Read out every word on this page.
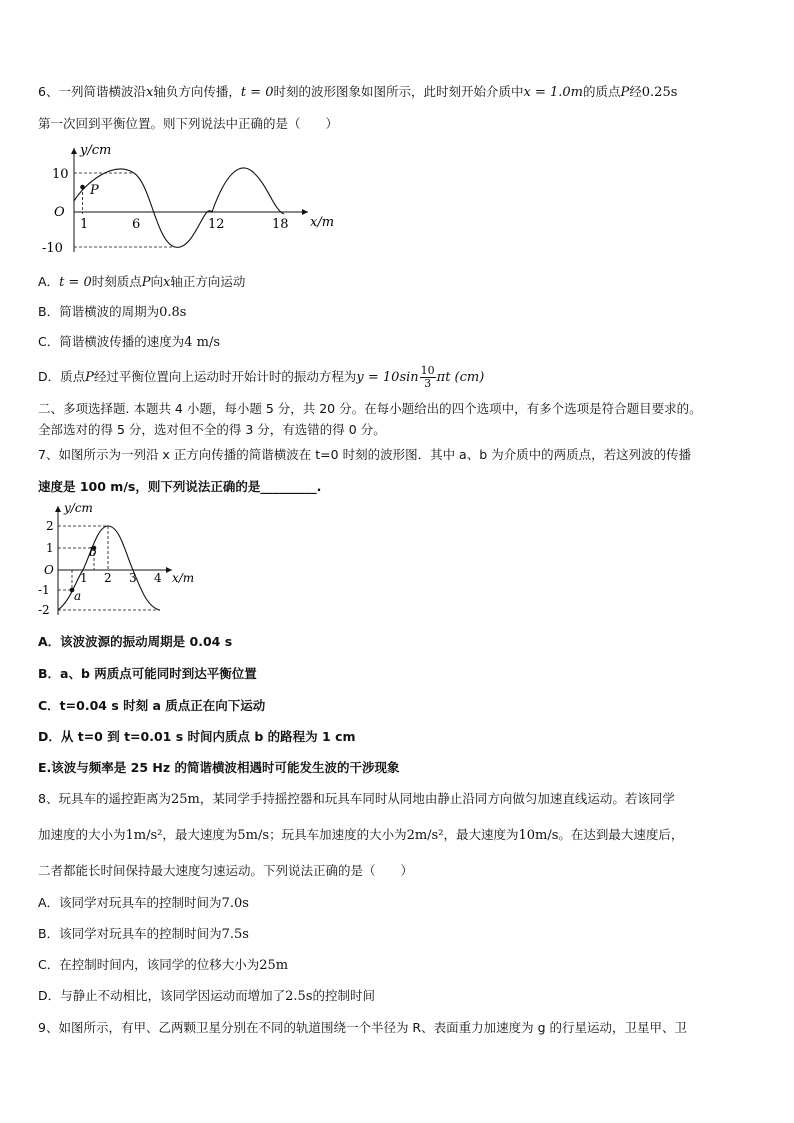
6、一列简谐横波沿x轴负方向传播，t = 0时刻的波形图象如图所示，此时刻开始介质中x = 1.0m的质点P经0.25s
第一次回到平衡位置。则下列说法中正确的是（　　）
y/cm
x/m
O
P
10
-10
1	6	12	18
A．t = 0时刻质点P向x轴正方向运动
B．简谐横波的周期为0.8s
C．简谐横波传播的速度为4 m/s
D．质点P经过平衡位置向上运动时开始计时的振动方程为$y = 10\sin \frac{10}{3}$ πt (cm)
二、多项选择题. 本题共 4 小题，每小题 5 分，共 20 分。在每小题给出的四个选项中，有多个选项是符合题目要求的。
全部选对的得 5 分，选对但不全的得 3 分，有选错的得 0 分。
7、如图所示为一列沿 x 正方向传播的简谐横波在 t=0 时刻的波形图．其中 a、b 为介质中的两质点，若这列波的传播
速度是 100 m/s，则下列说法正确的是_________.
y/cm
x/m
O
2
1
-1
-2
1 2 3 4
a
b
A．该波波源的振动周期是 0.04 s
B．a、b 两质点可能同时到达平衡位置
C．t=0.04 s 时刻 a 质点正在向下运动
D．从 t=0 到 t=0.01 s 时间内质点 b 的路程为 1 cm
E.该波与频率是 25 Hz 的简谐横波相遇时可能发生波的干涉现象
8、玩具车的遥控距离为25m，某同学手持摇控器和玩具车同时从同地由静止沿同方向做匀加速直线运动。若该同学
加速度的大小为1m/s²，最大速度为5m/s；玩具车加速度的大小为2m/s²，最大速度为10m/s。在达到最大速度后，
二者都能长时间保持最大速度匀速运动。下列说法正确的是（　　）
A．该同学对玩具车的控制时间为7.0s
B．该同学对玩具车的控制时间为7.5s
C．在控制时间内，该同学的位移大小为25m
D．与静止不动相比，该同学因运动而增加了2.5s的控制时间
9、如图所示，有甲、乙两颗卫星分别在不同的轨道围绕一个半径为 R、表面重力加速度为 g 的行星运动，卫星甲、卫
